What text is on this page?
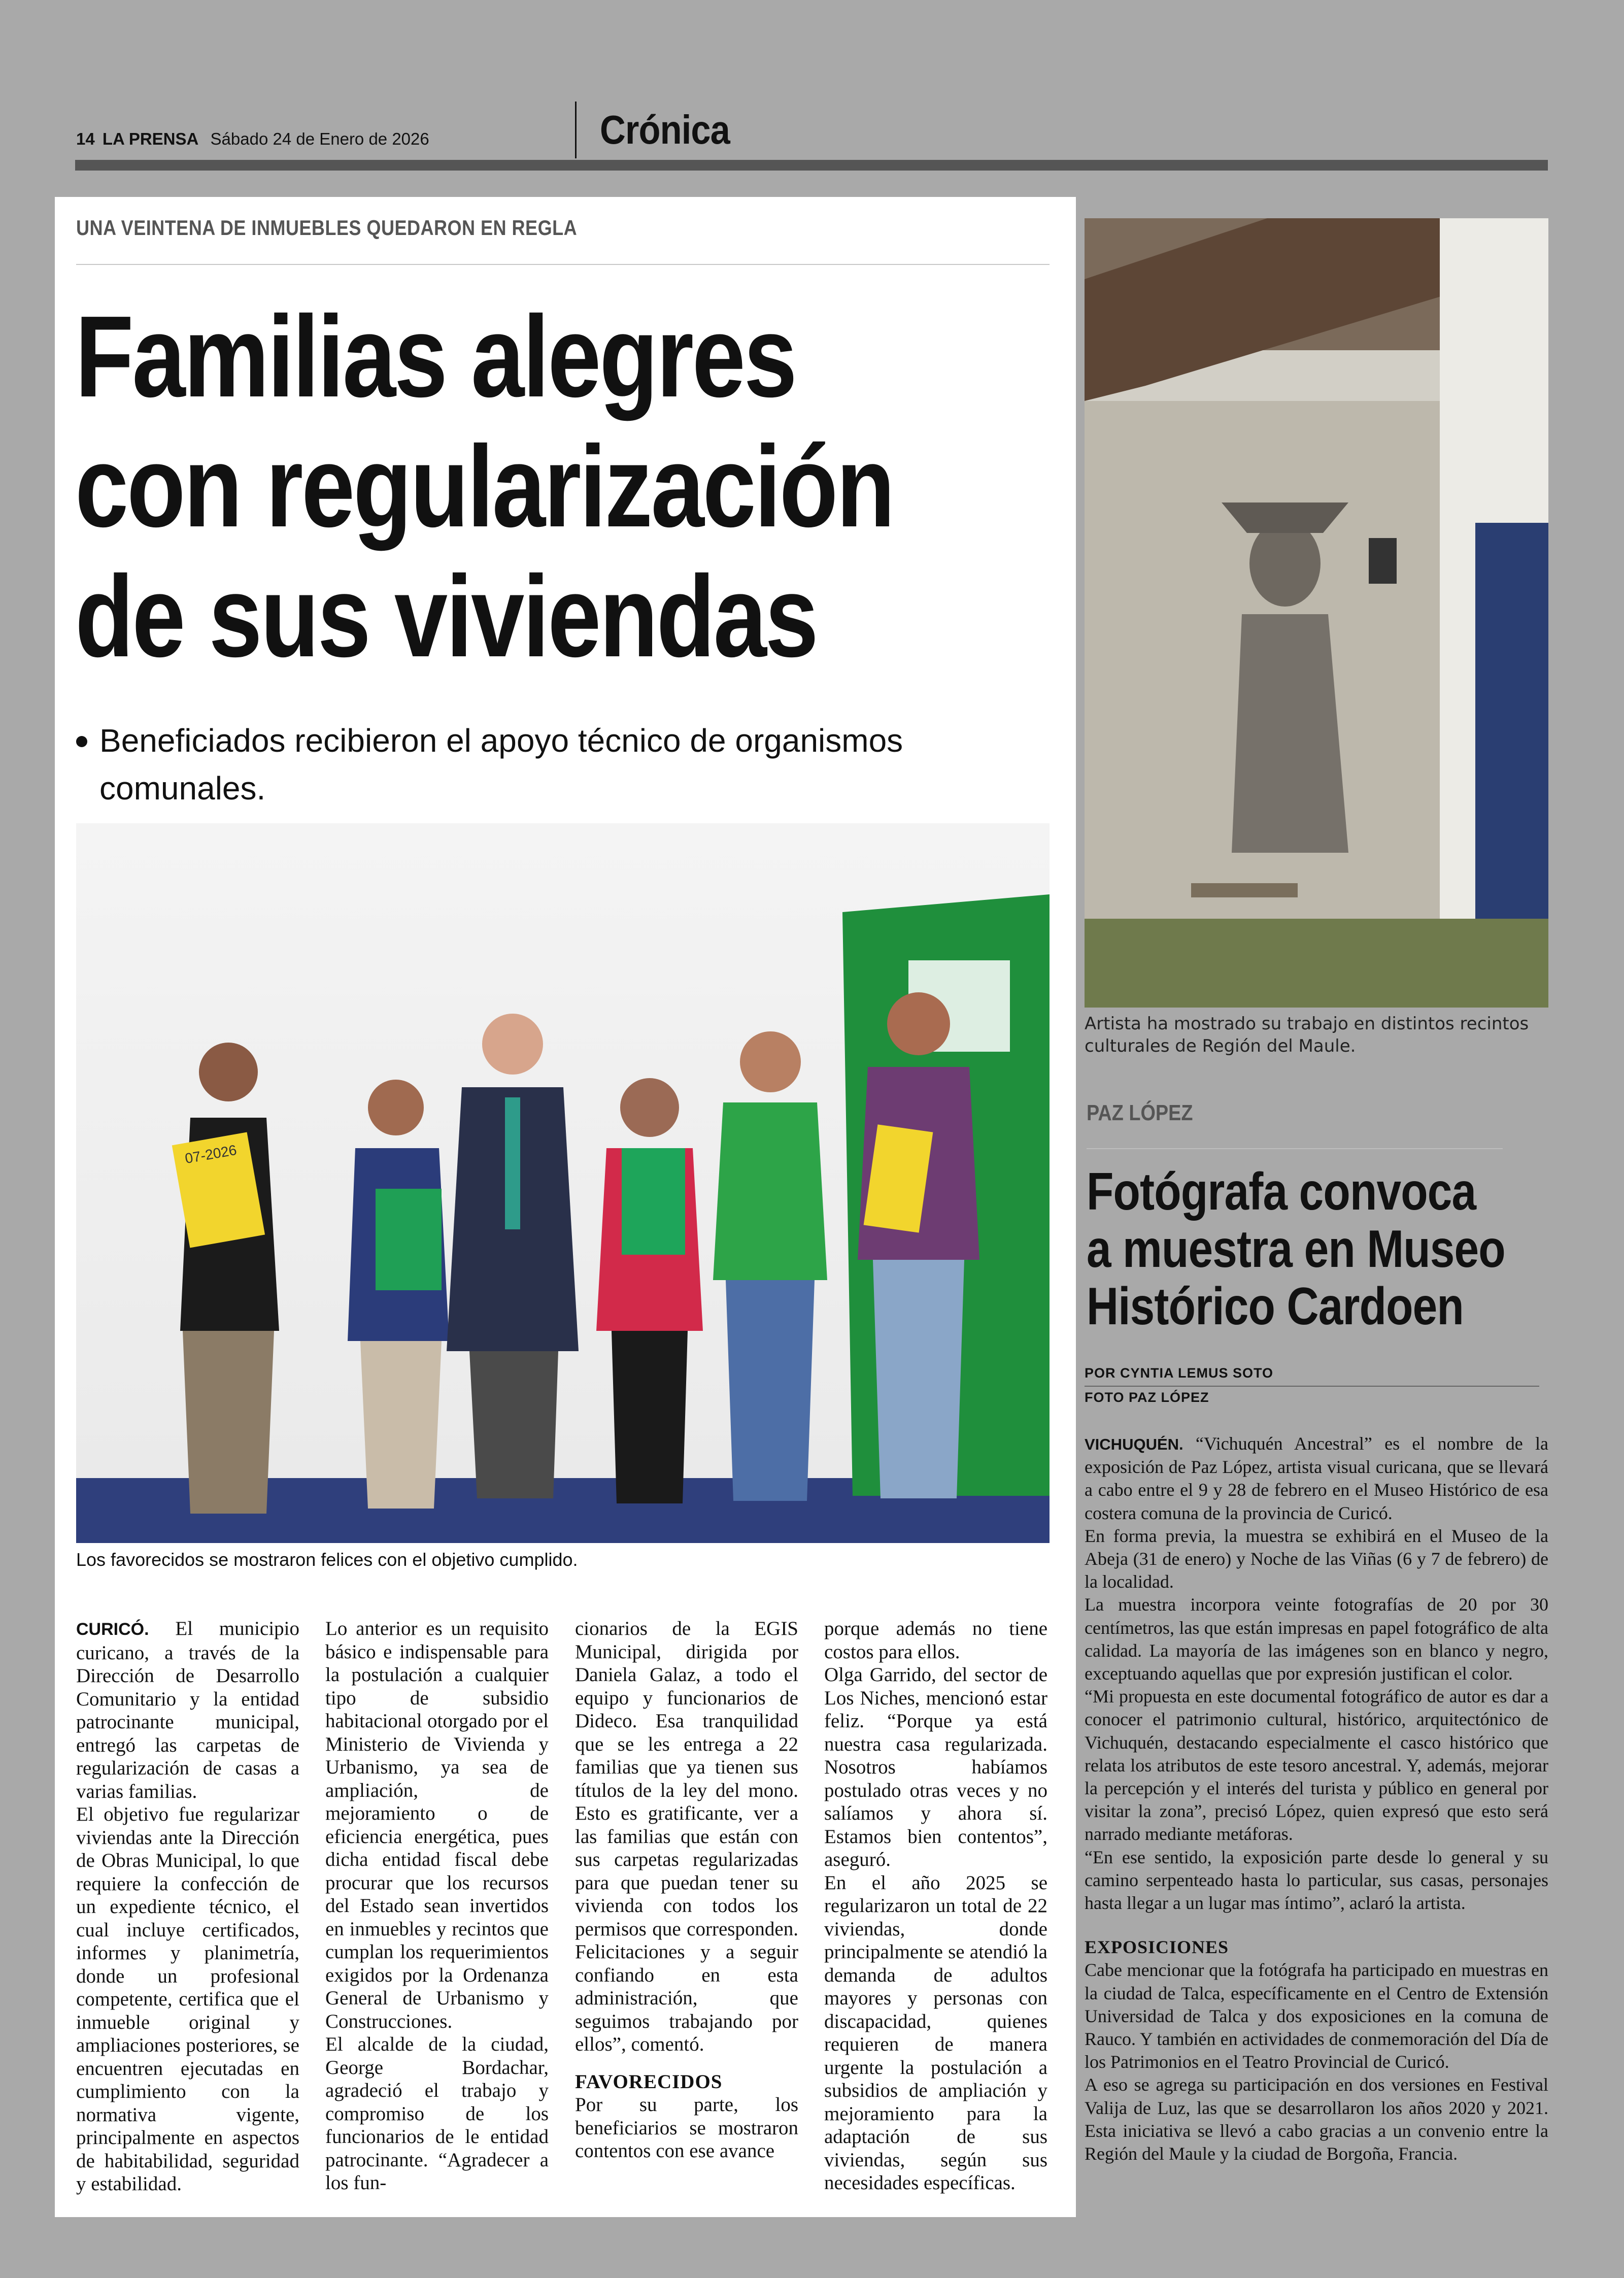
14 LA PRENSA Sábado 24 de Enero de 2026	Crónica
UNA VEINTENA DE INMUEBLES QUEDARON EN REGLA
Familias alegres
con regularización
de sus viviendas
Beneficiados recibieron el apoyo técnico de organismos comunales.
07-2026
Los favorecidos se mostraron felices con el objetivo cumplido.

CURICÓ. El municipio curicano, a través de la Dirección de Desarrollo Comunitario y la entidad patrocinante municipal, entregó las carpetas de regularización de casas a varias familias.

El objetivo fue regularizar viviendas ante la Dirección de Obras Municipal, lo que requiere la confección de un expediente técnico, el cual incluye certificados, informes y planimetría, donde un profesional competente, certifica que el inmueble original y ampliaciones posteriores, se encuentren ejecutadas en cumplimiento con la normativa vigente, principalmente en aspectos de habitabilidad, seguridad y estabilidad.

Lo anterior es un requisito básico e indispensable para la postulación a cualquier tipo de subsidio habitacional otorgado por el Ministerio de Vivienda y Urbanismo, ya sea de ampliación, de mejoramiento o de eficiencia energética, pues dicha entidad fiscal debe procurar que los recursos del Estado sean invertidos en inmuebles y recintos que cumplan los requerimientos exigidos por la Ordenanza General de Urbanismo y Construcciones.

El alcalde de la ciudad, George Bordachar, agradeció el trabajo y compromiso de los funcionarios de le entidad patrocinante. “Agradecer a los fun-

cionarios de la EGIS Municipal, dirigida por Daniela Galaz, a todo el equipo y funcionarios de Dideco. Esa tranquilidad que se les entrega a 22 familias que ya tienen sus títulos de la ley del mono. Esto es gratificante, ver a las familias que están con sus carpetas regularizadas para que puedan tener su vivienda con todos los permisos que corresponden. Felicitaciones y a seguir confiando en esta administración, que seguimos trabajando por ellos”, comentó.

FAVORECIDOS

Por su parte, los beneficiarios se mostraron contentos con ese avance

porque además no tiene costos para ellos.

Olga Garrido, del sector de Los Niches, mencionó estar feliz. “Porque ya está nuestra casa regularizada. Nosotros habíamos postulado otras veces y no salíamos y ahora sí. Estamos bien contentos”, aseguró.

En el año 2025 se regularizaron un total de 22 viviendas, donde principalmente se atendió la demanda de adultos mayores y personas con discapacidad, quienes requieren de manera urgente la postulación a subsidios de ampliación y mejoramiento para la adaptación de sus viviendas, según sus necesidades específicas.

Artista ha mostrado su trabajo en distintos recintos culturales de Región del Maule.
PAZ LÓPEZ
Fotógrafa convoca
a muestra en Museo
Histórico Cardoen
POR CYNTIA LEMUS SOTO
FOTO PAZ LÓPEZ

VICHUQUÉN. “Vichuquén Ancestral” es el nombre de la exposición de Paz López, artista visual curicana, que se llevará a cabo entre el 9 y 28 de febrero en el Museo Histórico de esa costera comuna de la provincia de Curicó.

En forma previa, la muestra se exhibirá en el Museo de la Abeja (31 de enero) y Noche de las Viñas (6 y 7 de febrero) de la localidad.

La muestra incorpora veinte fotografías de 20 por 30 centímetros, las que están impresas en papel fotográfico de alta calidad. La mayoría de las imágenes son en blanco y negro, exceptuando aquellas que por expresión justifican el color.

“Mi propuesta en este documental fotográfico de autor es dar a conocer el patrimonio cultural, histórico, arquitectónico de Vichuquén, destacando especialmente el casco histórico que relata los atributos de este tesoro ancestral. Y, además, mejorar la percepción y el interés del turista y público en general por visitar la zona”, precisó López, quien expresó que esto será narrado mediante metáforas.

“En ese sentido, la exposición parte desde lo general y su camino serpenteado hasta lo particular, sus casas, personajes hasta llegar a un lugar mas íntimo”, aclaró la artista.

EXPOSICIONES

Cabe mencionar que la fotógrafa ha participado en muestras en la ciudad de Talca, específicamente en el Centro de Extensión Universidad de Talca y dos exposiciones en la comuna de Rauco. Y también en actividades de conmemoración del Día de los Patrimonios en el Teatro Provincial de Curicó.

A eso se agrega su participación en dos versiones en Festival Valija de Luz, las que se desarrollaron los años 2020 y 2021. Esta iniciativa se llevó a cabo gracias a un convenio entre la Región del Maule y la ciudad de Borgoña, Francia.
